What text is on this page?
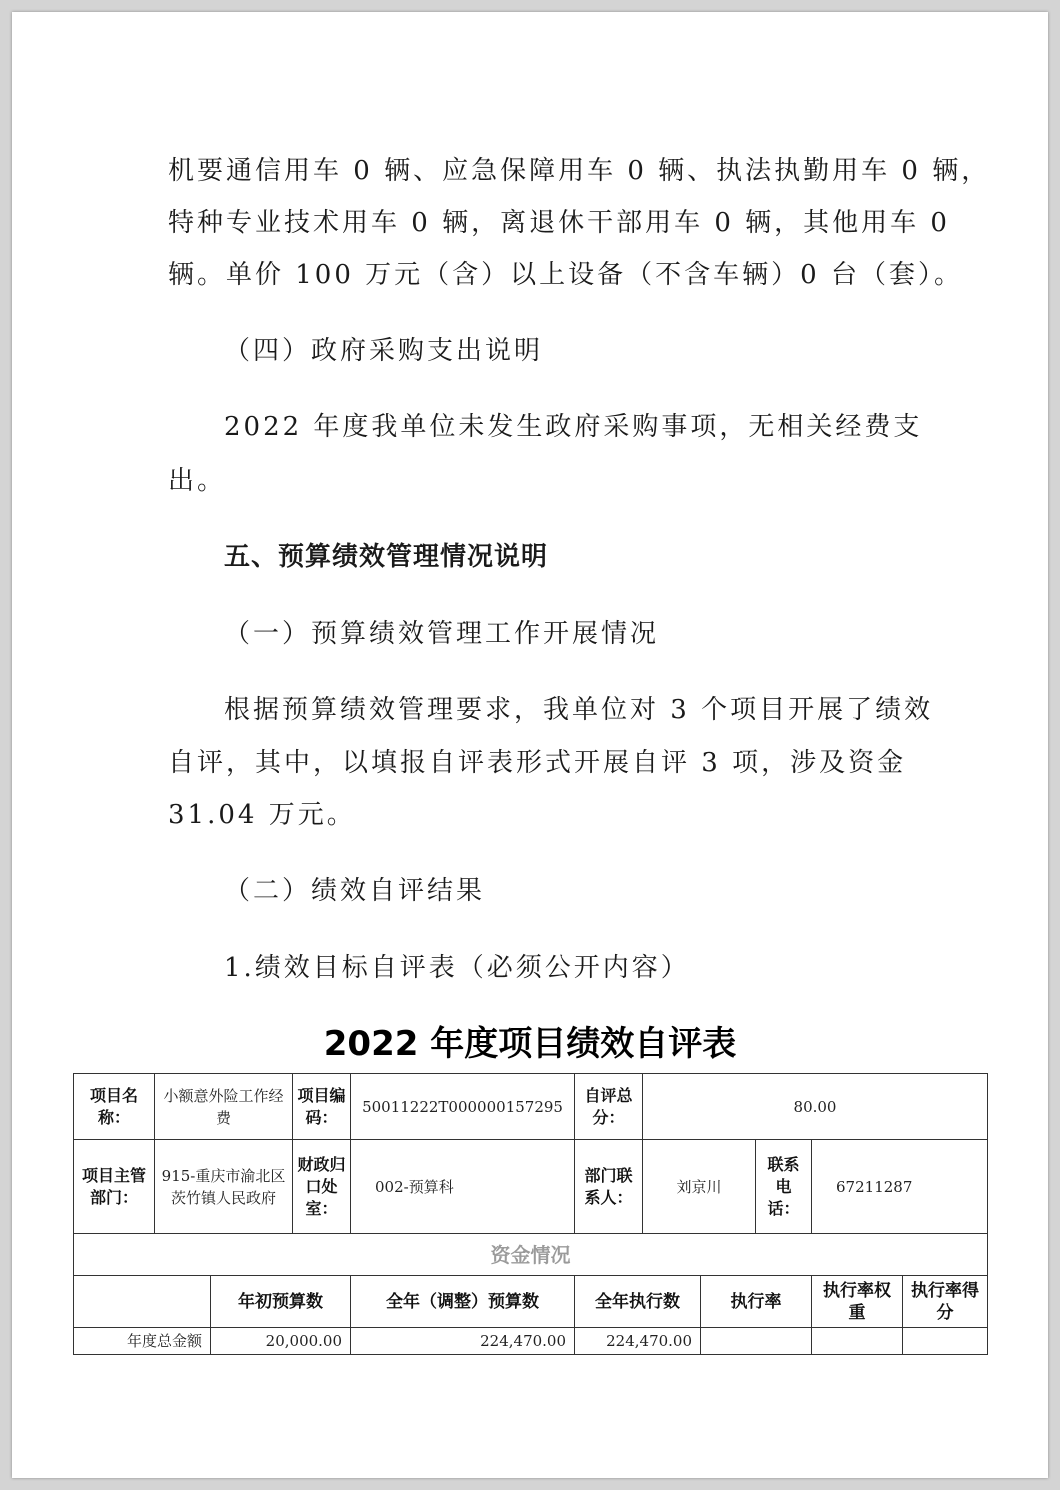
机要通信用车 0 辆、应急保障用车 0 辆、执法执勤用车 0 辆，
特种专业技术用车 0 辆，离退休干部用车 0 辆，其他用车 0
辆。单价 100 万元（含）以上设备（不含车辆）0 台（套）。
（四）政府采购支出说明
2022 年度我单位未发生政府采购事项，无相关经费支
出。
五、预算绩效管理情况说明
（一）预算绩效管理工作开展情况
根据预算绩效管理要求，我单位对 3 个项目开展了绩效
自评，其中，以填报自评表形式开展自评 3 项，涉及资金
31.04 万元。
（二）绩效自评结果
1.绩效目标自评表（必须公开内容）
2022 年度项目绩效自评表
项目名称：	小额意外险工作经费		项目编码：	50011222T000000157295	自评总分：	80.00				
项目主管部门：	915-重庆市渝北区茨竹镇人民政府		财政归口处室：	002-预算科	部门联系人：	刘京川		联系电话：	67211287	
资金情况										
		年初预算数		全年（调整）预算数	全年执行数		执行率		执行率权重	执行率得分
年度总金额		20,000.00		224,470.00	224,470.00					
